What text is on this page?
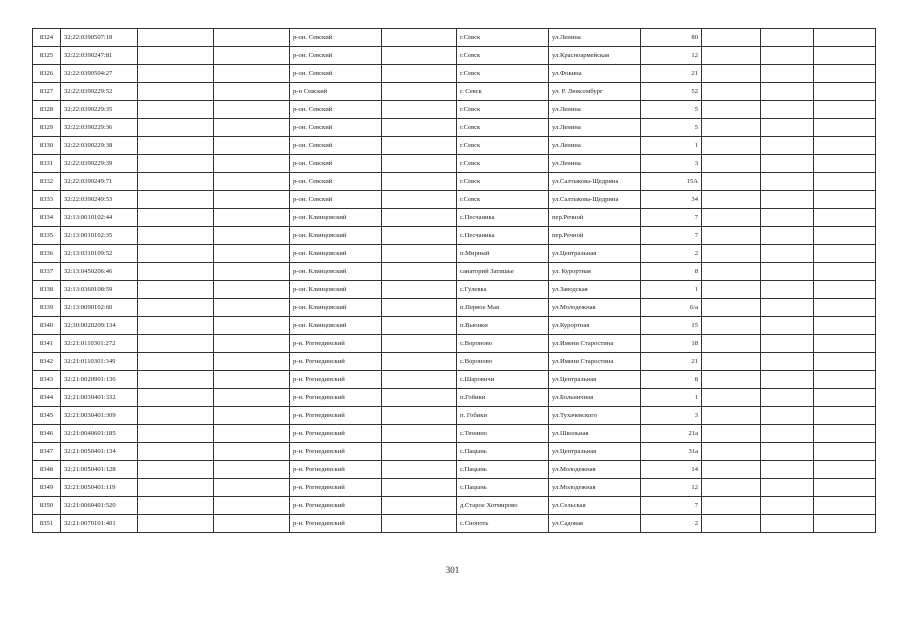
8324	32:22:0390507:18			р-он. Севский		г.Севск	ул.Ленина	80			
8325	32:22:0390247:81			р-он. Севский		г.Севск	ул.Красноармейская	12			
8326	32:22:0390504:27			р-он. Севский		г.Севск	ул.Фокина	21			
8327	32:22:0390229:52			р-н Севский		г. Севск	ул. Р. Люксембург	52			
8328	32:22:0390229:35			р-он. Севский		г.Севск	ул.Ленина	5			
8329	32:22:0390229:36			р-он. Севский		г.Севск	ул.Ленина	5			
8330	32:22:0390229:38			р-он. Севский		г.Севск	ул.Ленина	1			
8331	32:22:0390229:39			р-он. Севский		г.Севск	ул.Ленина	3			
8332	32:22:0390249:71			р-он. Севский		г.Севск	ул.Салтыкова-Щедрина	15А			
8333	32:22:0390249:53			р-он. Севский		г.Севск	ул.Салтыкова-Щедрина	34			
8334	32:13:0010102:44			р-он. Клинцовский		с.Песчаника	пер.Речной	7			
8335	32:13:0010102:35			р-он. Клинцовский		с.Песчаника	пер.Речной	7			
8336	32:13:0310109:52			р-он. Клинцовский		п.Мирный	ул.Центральная	2			
8337	32:13:0450206:46			р-он. Клинцовский		санаторий Затишье	ул. Курортная	8			
8338	32:13:0360108:59			р-он. Клинцовский		с.Гулевка	ул.Заводская	1			
8339	32:13:0090102:60			р-он. Клинцовский		п.Первое Мая	ул.Молодежная	6/а			
8340	32:30:0020209:134			р-он. Клинцовский		п.Вьюнки	ул.Курортная	15			
8341	32:21:0110301:272			р-н. Рогнединский		с.Вороново	ул.Имени Старостина	18			
8342	32:21:0110301:349			р-н. Рогнединский		с.Вороново	ул.Имени Старостина	21			
8343	32:21:0020901:136			р-н. Рогнединский		с.Шаровичи	ул.Центральная	8			
8344	32:21:0030401:332			р-н. Рогнединский		п.Гобики	ул.Больничная	1			
8345	32:21:0030401:309			р-н. Рогнединский		п. Гобики	ул.Тухачевского	3			
8346	32:21:0040601:185			р-н. Рогнединский		с.Тюнино	ул.Школьная	21а			
8347	32:21:0050401:134			р-н. Рогнединский		с.Пацынь	ул.Центральная	31а			
8348	32:21:0050401:128			р-н. Рогнединский		с.Пацынь	ул.Молодежная	14			
8349	32:21:0050401:119			р-н. Рогнединский		с.Пацынь	ул.Молодежная	12			
8350	32:21:0060401:520			р-н. Рогнединский		д.Старое Хотмирово	ул.Сельская	7			
8351	32:21:0070101:401			р-н. Рогнединский		с.Снопоть	ул.Садовая	2			
301
